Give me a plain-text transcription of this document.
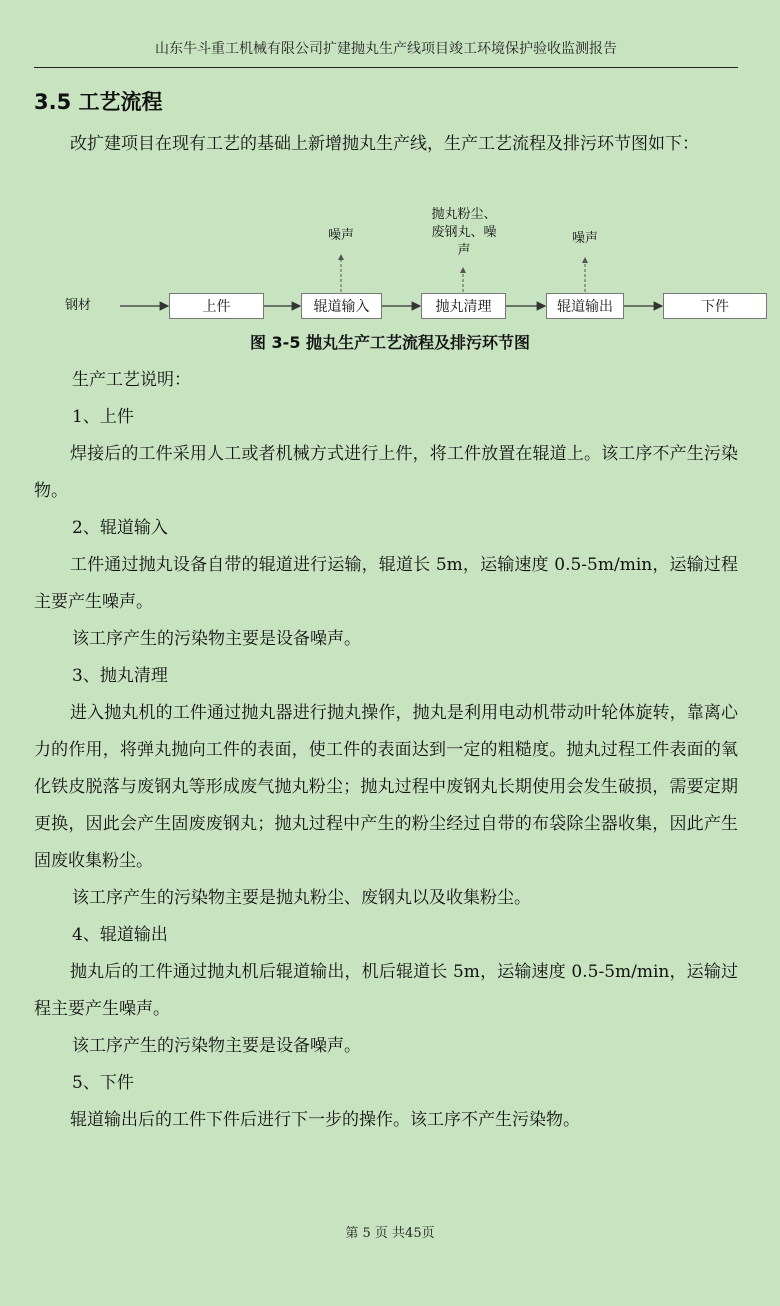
山东牛斗重工机械有限公司扩建抛丸生产线项目竣工环境保护验收监测报告
3.5 工艺流程
改扩建项目在现有工艺的基础上新增抛丸生产线，生产工艺流程及排污环节图如下：
钢材	上件	辊道输入	抛丸清理	辊道输出	下件
噪声
抛丸粉尘、
废钢丸、噪
声
噪声
图 3-5 抛丸生产工艺流程及排污环节图
生产工艺说明：
1、上件
焊接后的工件采用人工或者机械方式进行上件，将工件放置在辊道上。该工序不产生污染物。
2、辊道输入
工件通过抛丸设备自带的辊道进行运输，辊道长 5m，运输速度 0.5-5m/min，运输过程主要产生噪声。
该工序产生的污染物主要是设备噪声。
3、抛丸清理
进入抛丸机的工件通过抛丸器进行抛丸操作，抛丸是利用电动机带动叶轮体旋转，靠离心力的作用，将弹丸抛向工件的表面，使工件的表面达到一定的粗糙度。抛丸过程工件表面的氧化铁皮脱落与废钢丸等形成废气抛丸粉尘；抛丸过程中废钢丸长期使用会发生破损，需要定期更换，因此会产生固废废钢丸；抛丸过程中产生的粉尘经过自带的布袋除尘器收集，因此产生固废收集粉尘。
该工序产生的污染物主要是抛丸粉尘、废钢丸以及收集粉尘。
4、辊道输出
抛丸后的工件通过抛丸机后辊道输出，机后辊道长 5m，运输速度 0.5-5m/min，运输过程主要产生噪声。
该工序产生的污染物主要是设备噪声。
5、下件
辊道输出后的工件下件后进行下一步的操作。该工序不产生污染物。
第 5 页 共45页
